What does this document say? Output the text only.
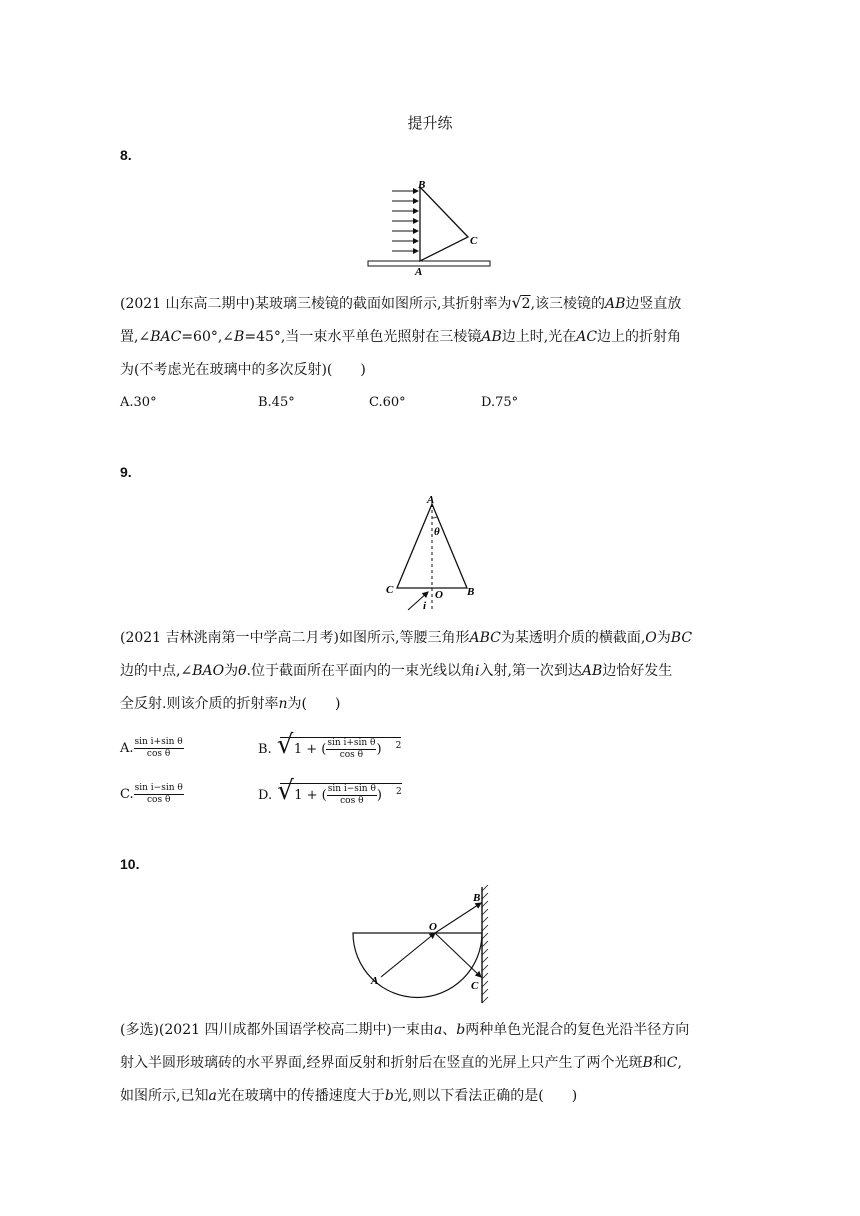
提升练
8.
B
C
A
(2021 山东高二期中)某玻璃三棱镜的截面如图所示,其折射率为√2,该三棱镜的AB边竖直放
置,∠BAC=60°,∠B=45°,当一束水平单色光照射在三棱镜AB边上时,光在AC边上的折射角
为(不考虑光在玻璃中的多次反射)(　　)
A.30°	B.45°	C.60°	D.75°
9.
A
θ
C	O B
i
(2021 吉林洮南第一中学高二月考)如图所示,等腰三角形ABC为某透明介质的横截面,O为BC
边的中点,∠BAO为θ.位于截面所在平面内的一束光线以角i入射,第一次到达AB边恰好发生
全反射.则该介质的折射率n为(　　)
A. $\frac{\text{sin i+sin θ}}{\text{cos θ}}$	B. √ 1 + ( $\frac{\text{sin i+sin θ}}{\text{cos θ}}$ ) $^2$
C. $\frac{\text{sin i−sin θ}}{\text{cos θ}}$	D. √ 1 + ( $\frac{\text{sin i−sin θ}}{\text{cos θ}}$ ) $^2$
10.
B
O
A	C
(多选)(2021 四川成都外国语学校高二期中)一束由a、b两种单色光混合的复色光沿半径方向
射入半圆形玻璃砖的水平界面,经界面反射和折射后在竖直的光屏上只产生了两个光斑B和C,
如图所示,已知a光在玻璃中的传播速度大于b光,则以下看法正确的是(　　)
